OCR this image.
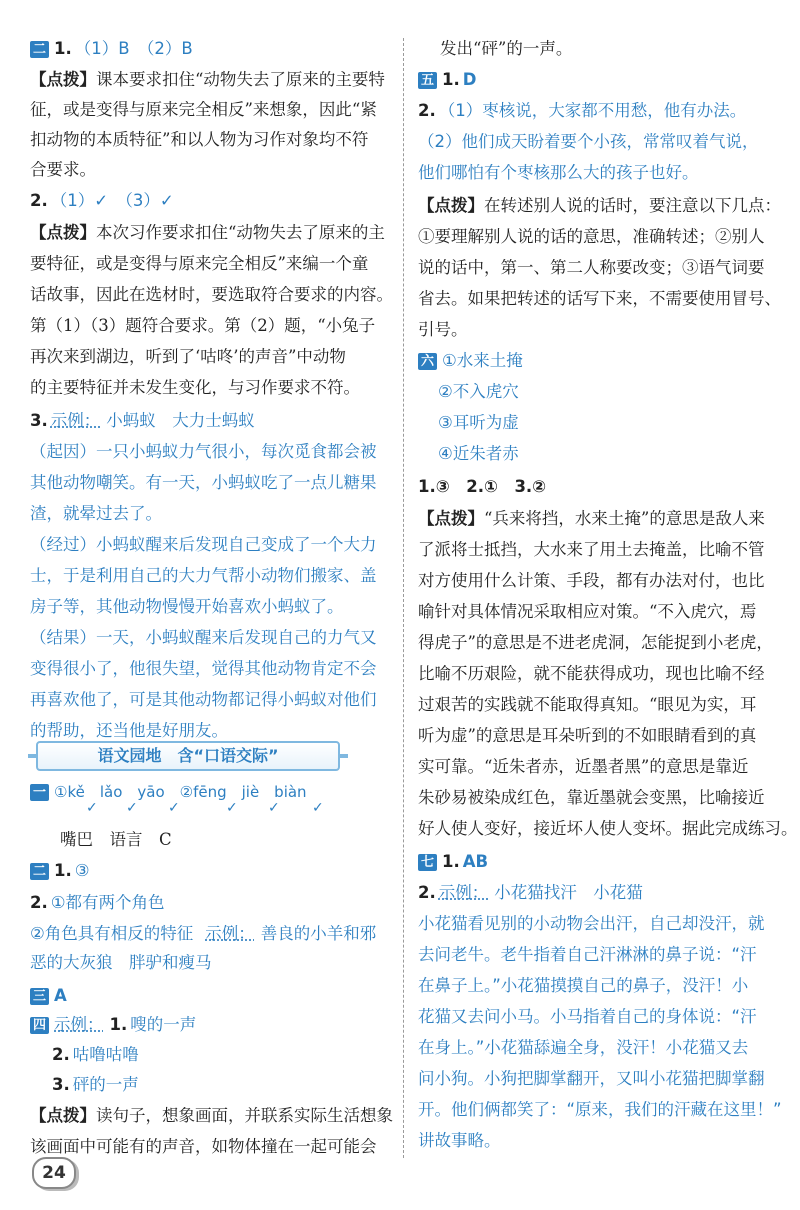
二 1. （1）B　（2）B
【点拨】课本要求扣住“动物失去了原来的主要特
征，或是变得与原来完全相反”来想象，因此“紧
扣动物的本质特征”和以人物为习作对象均不符
合要求。
2. （1）✓　（3）✓
【点拨】本次习作要求扣住“动物失去了原来的主
要特征，或是变得与原来完全相反”来编一个童
话故事，因此在选材时，要选取符合要求的内容。
第（1）（3）题符合要求。第（2）题，“小兔子
再次来到湖边，听到了‘咕咚’的声音”中动物
的主要特征并未发生变化，与习作要求不符。
3. 示例： 小蚂蚁　大力士蚂蚁
（起因）一只小蚂蚁力气很小，每次觅食都会被
其他动物嘲笑。有一天，小蚂蚁吃了一点儿糖果
渣，就晕过去了。
（经过）小蚂蚁醒来后发现自己变成了一个大力
士，于是利用自己的大力气帮小动物们搬家、盖
房子等，其他动物慢慢开始喜欢小蚂蚁了。
（结果）一天，小蚂蚁醒来后发现自己的力气又
变得很小了，他很失望，觉得其他动物肯定不会
再喜欢他了，可是其他动物都记得小蚂蚁对他们
的帮助，还当他是好朋友。
语文园地　含“口语交际”
一 ①kě　lǎo　yāo　②fēng　jiè　biàn
✓ ✓ ✓	✓ ✓ ✓
嘴巴　语言　C
二 1. ③
2. ①都有两个角色
②角色具有相反的特征 示例： 善良的小羊和邪
恶的大灰狼　胖驴和瘦马
三 A
四 示例： 1. 嗖的一声
2. 咕噜咕噜
3. 砰的一声
【点拨】读句子，想象画面，并联系实际生活想象
该画面中可能有的声音，如物体撞在一起可能会
24
发出“砰”的一声。
五 1. D
2. （1）枣核说，大家都不用愁，他有办法。
（2）他们成天盼着要个小孩，常常叹着气说，
他们哪怕有个枣核那么大的孩子也好。
【点拨】在转述别人说的话时，要注意以下几点：
①要理解别人说的话的意思，准确转述；②别人
说的话中，第一、第二人称要改变；③语气词要
省去。如果把转述的话写下来，不需要使用冒号、
引号。
六 ①水来土掩
②不入虎穴
③耳听为虚
④近朱者赤
1.③　2.①　3.②
【点拨】“兵来将挡，水来土掩”的意思是敌人来
了派将士抵挡，大水来了用土去掩盖，比喻不管
对方使用什么计策、手段，都有办法对付，也比
喻针对具体情况采取相应对策。“不入虎穴，焉
得虎子”的意思是不进老虎洞，怎能捉到小老虎，
比喻不历艰险，就不能获得成功，现也比喻不经
过艰苦的实践就不能取得真知。“眼见为实，耳
听为虚”的意思是耳朵听到的不如眼睛看到的真
实可靠。“近朱者赤，近墨者黑”的意思是靠近
朱砂易被染成红色，靠近墨就会变黑，比喻接近
好人使人变好，接近坏人使人变坏。据此完成练习。
七 1. AB
2. 示例： 小花猫找汗　小花猫
小花猫看见别的小动物会出汗，自己却没汗，就
去问老牛。老牛指着自己汗淋淋的鼻子说：“汗
在鼻子上。”小花猫摸摸自己的鼻子，没汗！小
花猫又去问小马。小马指着自己的身体说：“汗
在身上。”小花猫舔遍全身，没汗！小花猫又去
问小狗。小狗把脚掌翻开，又叫小花猫把脚掌翻
开。他们俩都笑了：“原来，我们的汗藏在这里！”
讲故事略。
